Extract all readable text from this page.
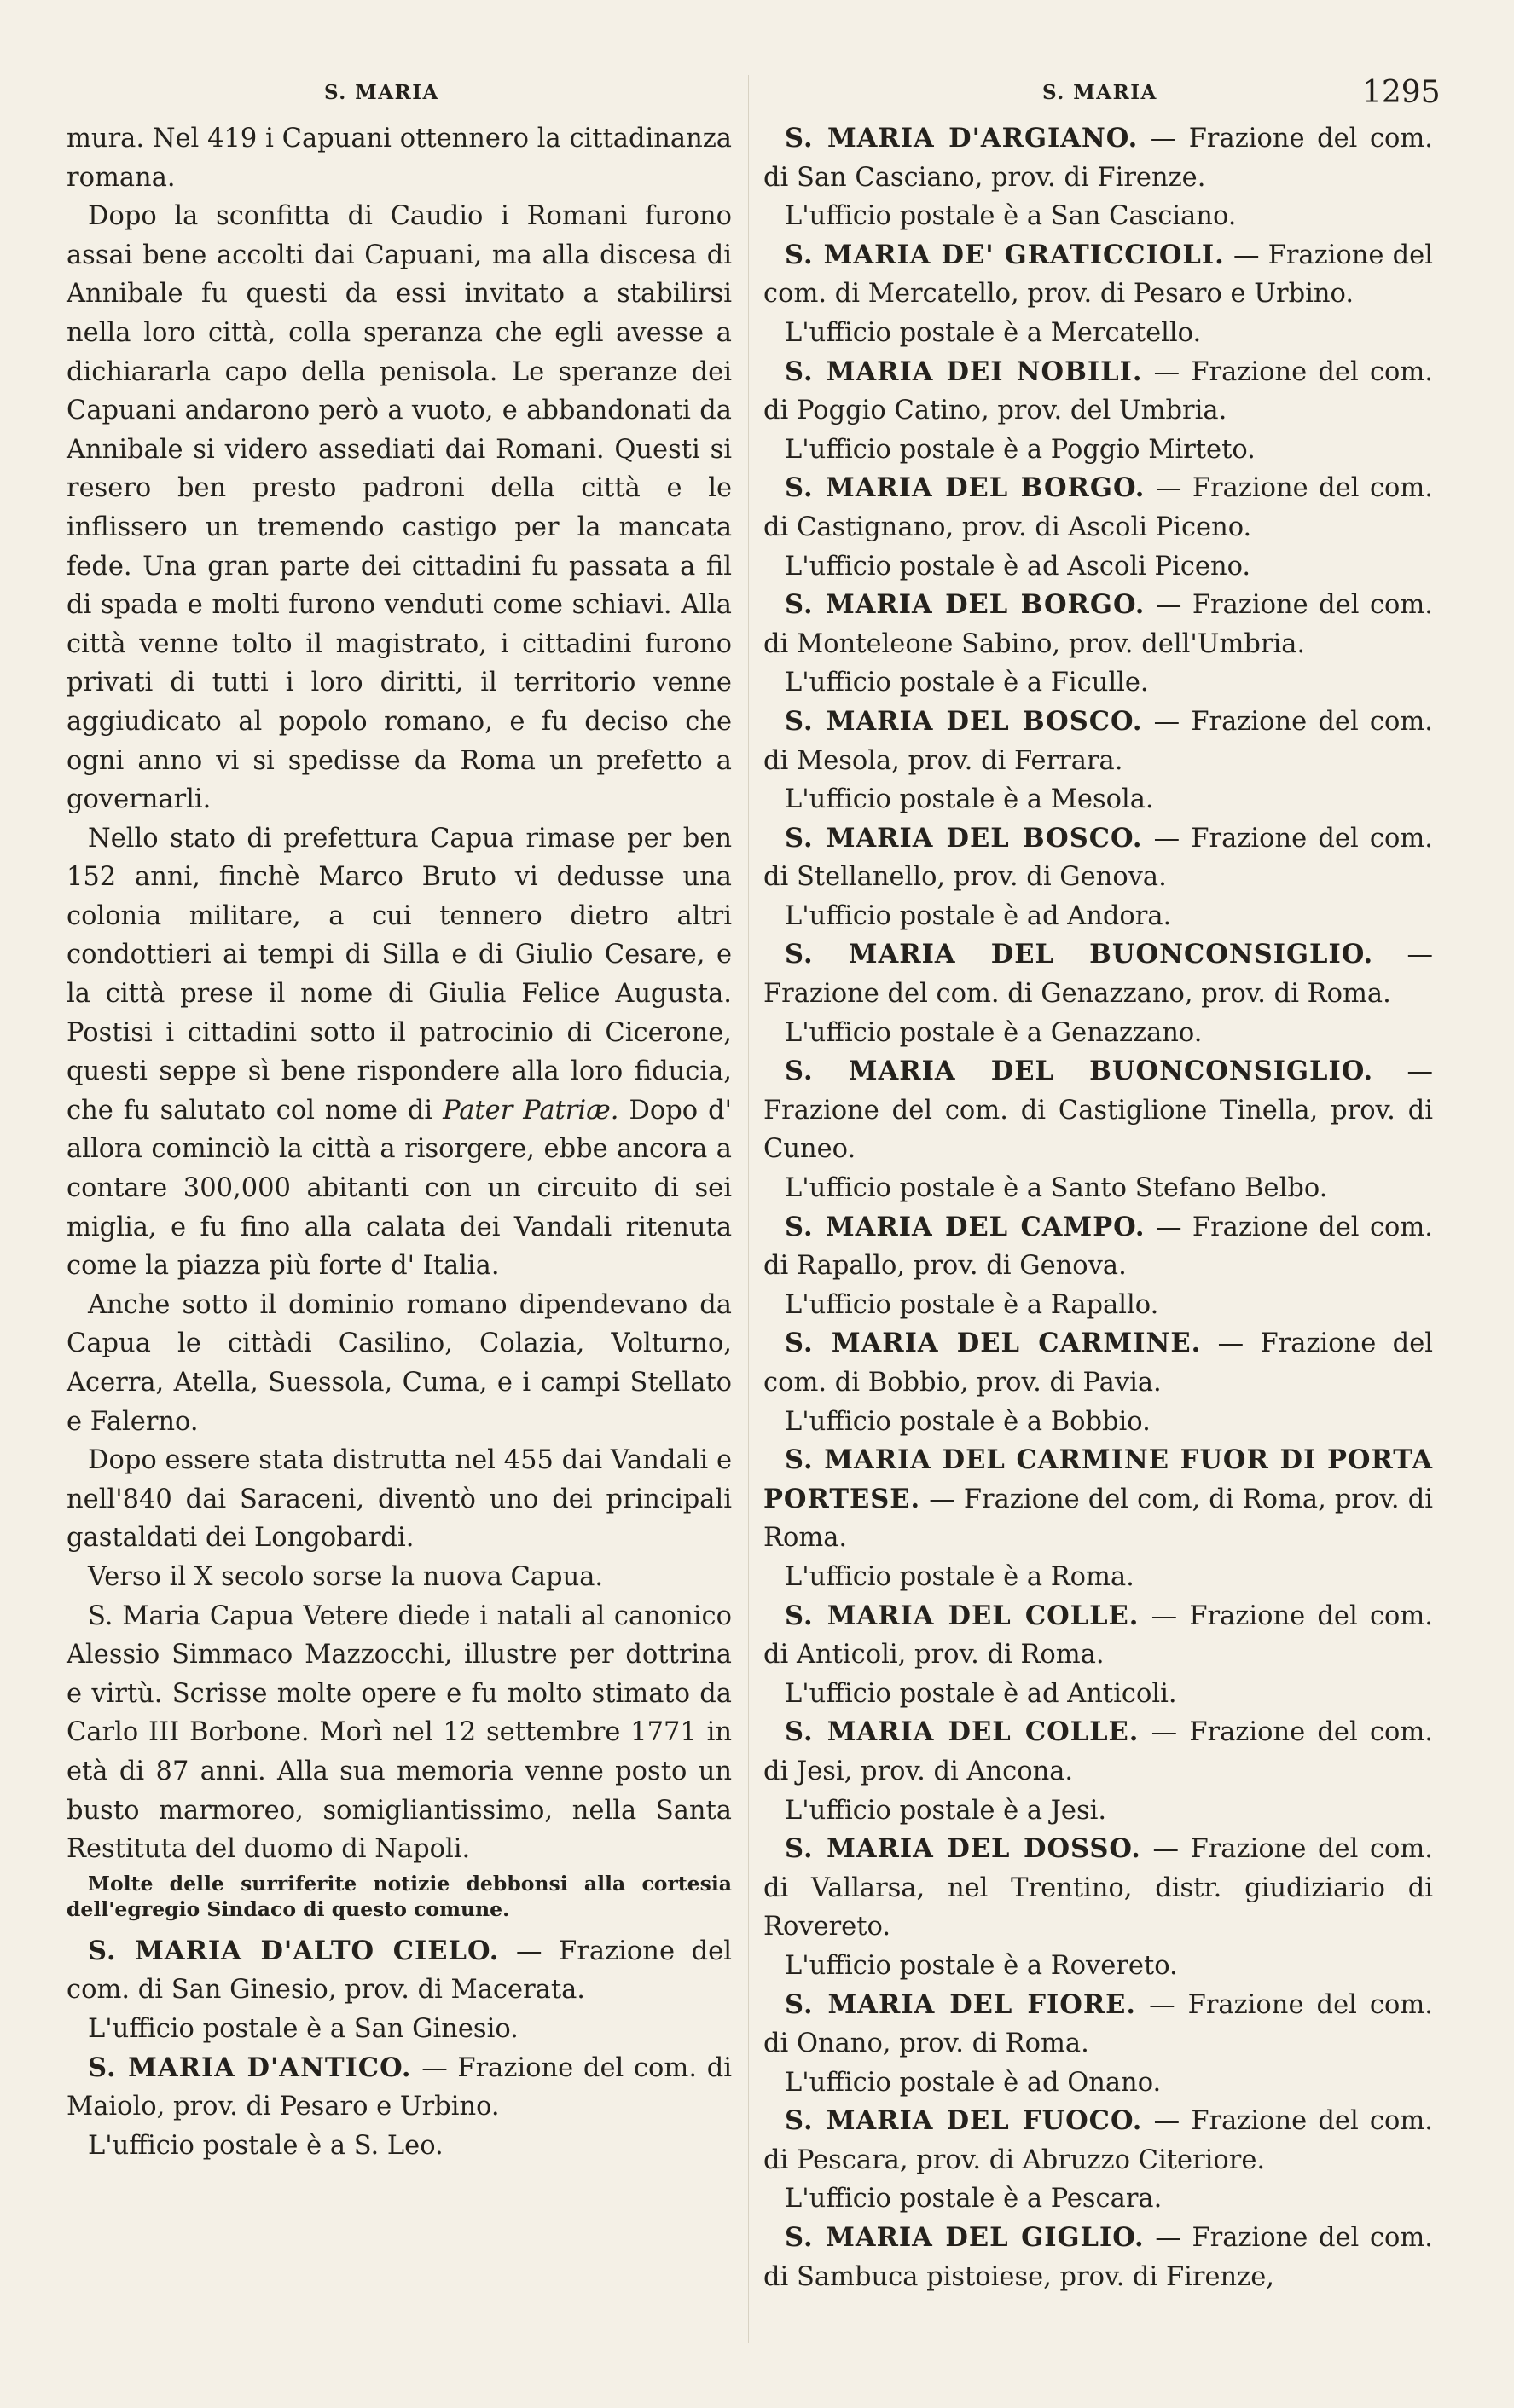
S. MARIA	S. MARIA	1295

mura. Nel 419 i Capuani ottennero la cittadinanza romana.

Dopo la sconfitta di Caudio i Romani furono assai bene accolti dai Capuani, ma alla discesa di Annibale fu questi da essi invitato a stabilirsi nella loro città, colla speranza che egli avesse a dichiararla capo della penisola. Le speranze dei Capuani andarono però a vuoto, e abbandonati da Annibale si videro assediati dai Romani. Questi si resero ben presto padroni della città e le inflissero un tremendo castigo per la mancata fede. Una gran parte dei cittadini fu passata a fil di spada e molti furono venduti come schiavi. Alla città venne tolto il magistrato, i cittadini furono privati di tutti i loro diritti, il territorio venne aggiudicato al popolo romano, e fu deciso che ogni anno vi si spedisse da Roma un prefetto a governarli.

Nello stato di prefettura Capua rimase per ben 152 anni, finchè Marco Bruto vi dedusse una colonia militare, a cui tennero dietro altri condottieri ai tempi di Silla e di Giulio Cesare, e la città prese il nome di Giulia Felice Augusta. Postisi i cittadini sotto il patrocinio di Cicerone, questi seppe sì bene rispondere alla loro fiducia, che fu salutato col nome di Pater Patriæ. Dopo d' allora cominciò la città a risorgere, ebbe ancora a contare 300,000 abitanti con un circuito di sei miglia, e fu fino alla calata dei Vandali ritenuta come la piazza più forte d' Italia.

Anche sotto il dominio romano dipendevano da Capua le cittàdi Casilino, Colazia, Volturno, Acerra, Atella, Suessola, Cuma, e i campi Stellato e Falerno.

Dopo essere stata distrutta nel 455 dai Vandali e nell'840 dai Saraceni, diventò uno dei principali gastaldati dei Longobardi.

Verso il X secolo sorse la nuova Capua.

S. Maria Capua Vetere diede i natali al canonico Alessio Simmaco Mazzocchi, illustre per dottrina e virtù. Scrisse molte opere e fu molto stimato da Carlo III Borbone. Morì nel 12 settembre 1771 in età di 87 anni. Alla sua memoria venne posto un busto marmoreo, somigliantissimo, nella Santa Restituta del duomo di Napoli.

Molte delle surriferite notizie debbonsi alla cortesia dell'egregio Sindaco di questo comune.

S. MARIA D'ALTO CIELO. — Frazione del com. di San Ginesio, prov. di Macerata.

L'ufficio postale è a San Ginesio.

S. MARIA D'ANTICO. — Frazione del com. di Maiolo, prov. di Pesaro e Urbino.

L'ufficio postale è a S. Leo.

S. MARIA D'ARGIANO. — Frazione del com. di San Casciano, prov. di Firenze.

L'ufficio postale è a San Casciano.

S. MARIA DE' GRATICCIOLI. — Frazione del com. di Mercatello, prov. di Pesaro e Urbino.

L'ufficio postale è a Mercatello.

S. MARIA DEI NOBILI. — Frazione del com. di Poggio Catino, prov. del Umbria.

L'ufficio postale è a Poggio Mirteto.

S. MARIA DEL BORGO. — Frazione del com. di Castignano, prov. di Ascoli Piceno.

L'ufficio postale è ad Ascoli Piceno.

S. MARIA DEL BORGO. — Frazione del com. di Monteleone Sabino, prov. dell'Umbria.

L'ufficio postale è a Ficulle.

S. MARIA DEL BOSCO. — Frazione del com. di Mesola, prov. di Ferrara.

L'ufficio postale è a Mesola.

S. MARIA DEL BOSCO. — Frazione del com. di Stellanello, prov. di Genova.

L'ufficio postale è ad Andora.

S. MARIA DEL BUONCONSIGLIO. — Frazione del com. di Genazzano, prov. di Roma.

L'ufficio postale è a Genazzano.

S. MARIA DEL BUONCONSIGLIO. — Frazione del com. di Castiglione Tinella, prov. di Cuneo.

L'ufficio postale è a Santo Stefano Belbo.

S. MARIA DEL CAMPO. — Frazione del com. di Rapallo, prov. di Genova.

L'ufficio postale è a Rapallo.

S. MARIA DEL CARMINE. — Frazione del com. di Bobbio, prov. di Pavia.

L'ufficio postale è a Bobbio.

S. MARIA DEL CARMINE FUOR DI PORTA PORTESE. — Frazione del com, di Roma, prov. di Roma.

L'ufficio postale è a Roma.

S. MARIA DEL COLLE. — Frazione del com. di Anticoli, prov. di Roma.

L'ufficio postale è ad Anticoli.

S. MARIA DEL COLLE. — Frazione del com. di Jesi, prov. di Ancona.

L'ufficio postale è a Jesi.

S. MARIA DEL DOSSO. — Frazione del com. di Vallarsa, nel Trentino, distr. giudiziario di Rovereto.

L'ufficio postale è a Rovereto.

S. MARIA DEL FIORE. — Frazione del com. di Onano, prov. di Roma.

L'ufficio postale è ad Onano.

S. MARIA DEL FUOCO. — Frazione del com. di Pescara, prov. di Abruzzo Citeriore.

L'ufficio postale è a Pescara.

S. MARIA DEL GIGLIO. — Frazione del com. di Sambuca pistoiese, prov. di Firenze,
